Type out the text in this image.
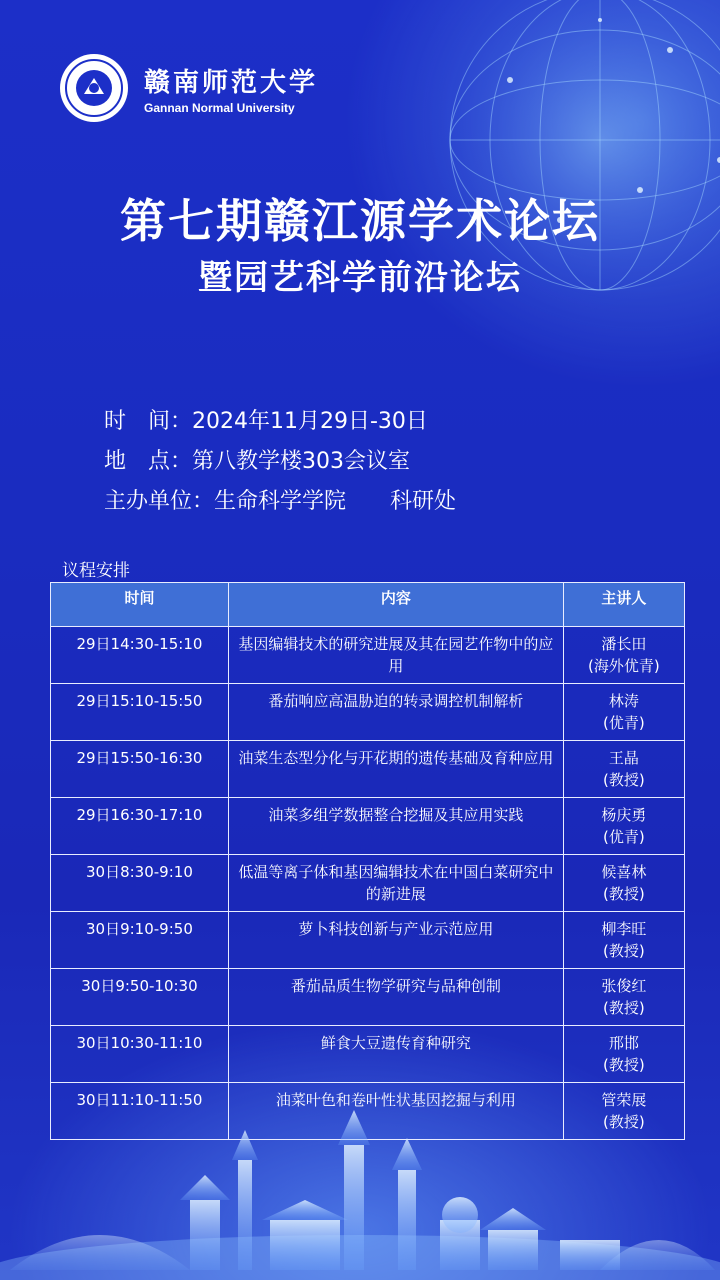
赣南师范大学
Gannan Normal University
第七期赣江源学术论坛
暨园艺科学前沿论坛
时　间：2024年11月29日-30日
地　点：第八教学楼303会议室
主办单位：生命科学学院　　科研处
议程安排
时间	内容	主讲人
29日14:30-15:10	基因编辑技术的研究进展及其在园艺作物中的应用	潘长田
(海外优青)

29日15:10-15:50	番茄响应高温胁迫的转录调控机制解析	林涛
(优青)

29日15:50-16:30	油菜生态型分化与开花期的遗传基础及育种应用	王晶
(教授)

29日16:30-17:10	油菜多组学数据整合挖掘及其应用实践	杨庆勇
(优青)

30日8:30-9:10	低温等离子体和基因编辑技术在中国白菜研究中的新进展	候喜林
(教授)

30日9:10-9:50	萝卜科技创新与产业示范应用	柳李旺
(教授)

30日9:50-10:30	番茄品质生物学研究与品种创制	张俊红
(教授)

30日10:30-11:10	鲜食大豆遗传育种研究	邢邯
(教授)

30日11:10-11:50	油菜叶色和卷叶性状基因挖掘与利用	管荣展
(教授)
